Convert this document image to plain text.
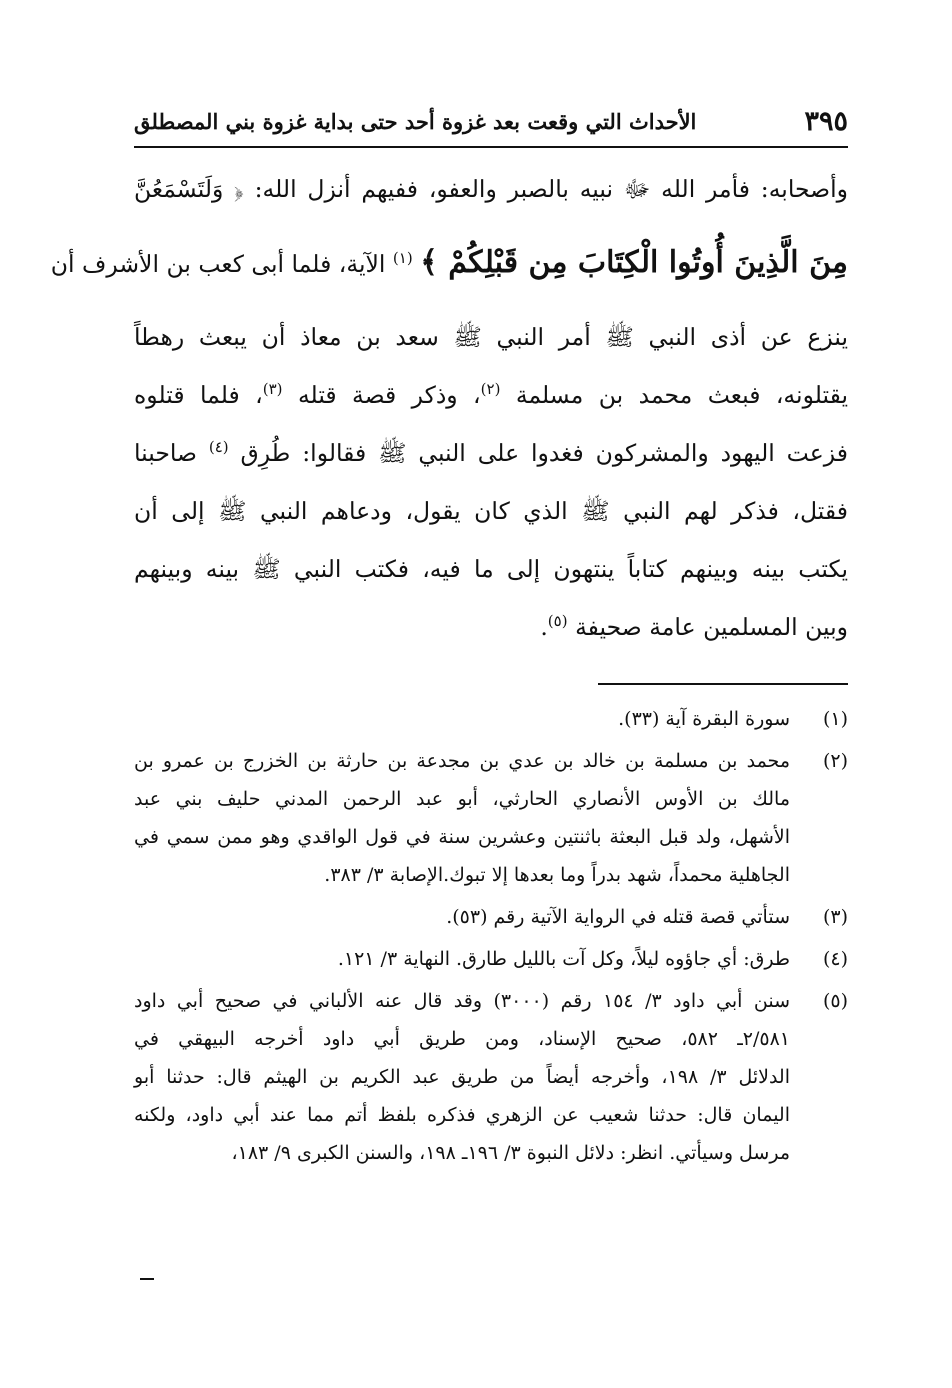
٣٩٥
الأحداث التي وقعت بعد غزوة أحد حتى بداية غزوة بني المصطلق
وأصحابه: فأمر الله ﷻ نبيه بالصبر والعفو، ففيهم أنزل الله: ﴿ وَلَتَسْمَعُنَّ
مِنَ الَّذِينَ أُوتُوا الْكِتَابَ مِن قَبْلِكُمْ ﴾ $^{(١)}$ الآية، فلما أبى كعب بن الأشرف أن
ينزع عن أذى النبي ﷺ أمر النبي ﷺ سعد بن معاذ أن يبعث رهطاً
يقتلونه، فبعث محمد بن مسلمة $^{(٢)}$، وذكر قصة قتله $^{(٣)}$، فلما قتلوه
فزعت اليهود والمشركون فغدوا على النبي ﷺ فقالوا: طُرِق $^{(٤)}$ صاحبنا
فقتل، فذكر لهم النبي ﷺ الذي كان يقول، ودعاهم النبي ﷺ إلى أن
يكتب بينه وبينهم كتاباً ينتهون إلى ما فيه، فكتب النبي ﷺ بينه وبينهم
وبين المسلمين عامة صحيفة $^{(٥)}$.
(١)
سورة البقرة آية (٣٣).
(٢)
محمد بن مسلمة بن خالد بن عدي بن مجدعة بن حارثة بن الخزرج بن عمرو بن
مالك بن الأوس الأنصاري الحارثي، أبو عبد الرحمن المدني حليف بني عبد
الأشهل، ولد قبل البعثة باثنتين وعشرين سنة في قول الواقدي وهو ممن سمي في
الجاهلية محمداً، شهد بدراً وما بعدها إلا تبوك.الإصابة ٣/ ٣٨٣.
(٣)
ستأتي قصة قتله في الرواية الآتية رقم (٥٣).
(٤)
طرق: أي جاؤوه ليلاً، وكل آت بالليل طارق. النهاية ٣/ ١٢١.
(٥)
سنن أبي داود ٣/ ١٥٤ رقم (٣٠٠٠) وقد قال عنه الألباني في صحيح أبي داود
٢/٥٨١ـ ٥٨٢، صحيح الإسناد، ومن طريق أبي داود أخرجه البيهقي في
الدلائل ٣/ ١٩٨، وأخرجه أيضاً من طريق عبد الكريم بن الهيثم قال: حدثنا أبو
اليمان قال: حدثنا شعيب عن الزهري فذكره بلفظ أتم مما عند أبي داود، ولكنه
مرسل وسيأتي. انظر: دلائل النبوة ٣/ ١٩٦ـ ١٩٨، والسنن الكبرى ٩/ ١٨٣،
